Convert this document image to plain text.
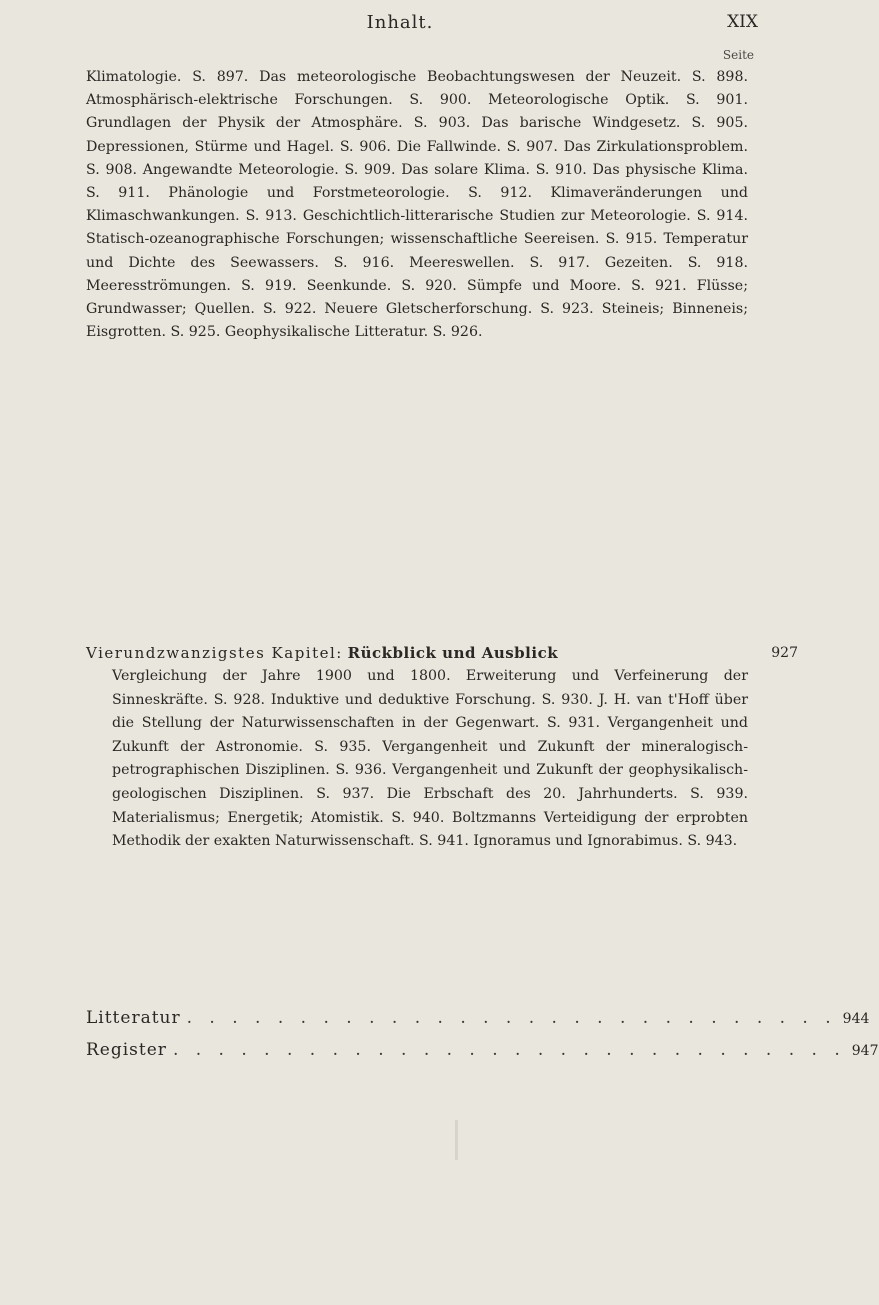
Inhalt.	XIX
Seite
Klimatologie. S. 897. Das meteorologische Beobachtungswesen der Neuzeit. S. 898. Atmosphärisch-elektrische Forschungen. S. 900. Meteorologische Optik. S. 901. Grundlagen der Physik der Atmosphäre. S. 903. Das barische Windgesetz. S. 905. Depressionen, Stürme und Hagel. S. 906. Die Fallwinde. S. 907. Das Zirkulationsproblem. S. 908. Angewandte Meteorologie. S. 909. Das solare Klima. S. 910. Das physische Klima. S. 911. Phänologie und Forstmeteorologie. S. 912. Klimaveränderungen und Klimaschwankungen. S. 913. Geschichtlich-litterarische Studien zur Meteorologie. S. 914. Statisch-ozeanographische Forschungen; wissenschaftliche Seereisen. S. 915. Temperatur und Dichte des Seewassers. S. 916. Meereswellen. S. 917. Gezeiten. S. 918. Meeresströmungen. S. 919. Seenkunde. S. 920. Sümpfe und Moore. S. 921. Flüsse; Grundwasser; Quellen. S. 922. Neuere Gletscherforschung. S. 923. Steineis; Binneneis; Eisgrotten. S. 925. Geophysikalische Litteratur. S. 926.
Vierundzwanzigstes Kapitel: Rückblick und Ausblick	927
Vergleichung der Jahre 1900 und 1800. Erweiterung und Verfeinerung der Sinneskräfte. S. 928. Induktive und deduktive Forschung. S. 930. J. H. van t'Hoff über die Stellung der Naturwissenschaften in der Gegenwart. S. 931. Vergangenheit und Zukunft der Astronomie. S. 935. Vergangenheit und Zukunft der mineralogisch-petrographischen Disziplinen. S. 936. Vergangenheit und Zukunft der geophysikalisch-geologischen Disziplinen. S. 937. Die Erbschaft des 20. Jahrhunderts. S. 939. Materialismus; Energetik; Atomistik. S. 940. Boltzmanns Verteidigung der erprobten Methodik der exakten Naturwissenschaft. S. 941. Ignoramus und Ignorabimus. S. 943.
Litteratur . . . . . . . . . . . . . . . . . . . . . . . . . . . . . 944
Register . . . . . . . . . . . . . . . . . . . . . . . . . . . . . . 947
